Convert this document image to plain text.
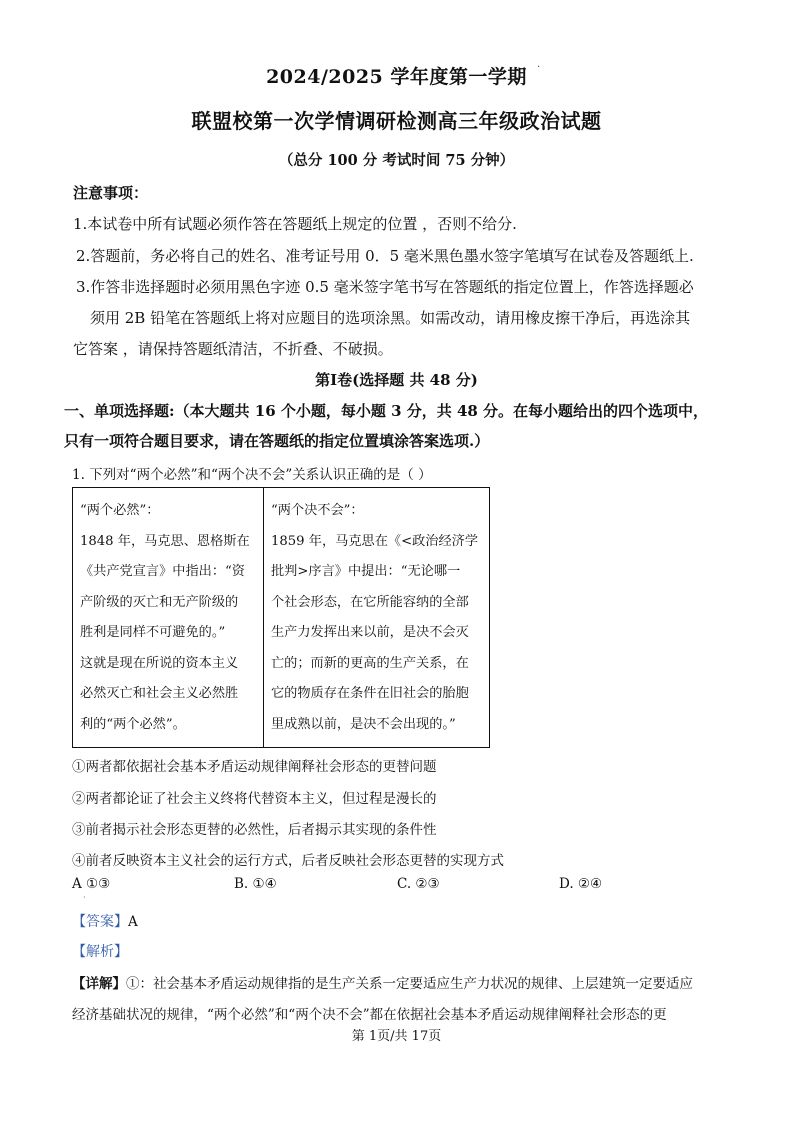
2024/2025 学年度第一学期	·
联盟校第一次学情调研检测高三年级政治试题
（总分 100 分 考试时间 75 分钟）
注意事项：
1.本试卷中所有试题必须作答在答题纸上规定的位置 ，否则不给分.
2.答题前，务必将自己的姓名、准考证号用 0．5 毫米黑色墨水签字笔填写在试卷及答题纸上.
3.作答非选择题时必须用黑色字迹 0.5 毫米签字笔书写在答题纸的指定位置上，作答选择题必
须用 2B 铅笔在答题纸上将对应题目的选项涂黑。如需改动，请用橡皮擦干净后，再选涂其
它答案 ，请保持答题纸清洁，不折叠、不破损。
第Ⅰ卷(选择题 共 48 分)
一、单项选择题:（本大题共 16 个小题，每小题 3 分，共 48 分。在每小题给出的四个选项中，
只有一项符合题目要求，请在答题纸的指定位置填涂答案选项.）
1. 下列对“两个必然”和“两个决不会”关系认识正确的是（ ）
“两个必然”：
1848 年，马克思、恩格斯在
《共产党宣言》中指出：“资
产阶级的灭亡和无产阶级的
胜利是同样不可避免的。”
这就是现在所说的资本主义
必然灭亡和社会主义必然胜
利的“两个必然”。

“两个决不会”：
1859 年，马克思在《<政治经济学
批判>序言》中提出：“无论哪一
个社会形态，在它所能容纳的全部
生产力发挥出来以前，是决不会灭
亡的；而新的更高的生产关系，在
它的物质存在条件在旧社会的胎胞
里成熟以前，是决不会出现的。”
①两者都依据社会基本矛盾运动规律阐释社会形态的更替问题
②两者都论证了社会主义终将代替资本主义，但过程是漫长的
③前者揭示社会形态更替的必然性，后者揭示其实现的条件性
④前者反映资本主义社会的运行方式，后者反映社会形态更替的实现方式
A ①③	B. ①④	C. ②③	D. ②④
·
【答案】A
【解析】
【详解】①：社会基本矛盾运动规律指的是生产关系一定要适应生产力状况的规律、上层建筑一定要适应
经济基础状况的规律，“两个必然”和“两个决不会”都在依据社会基本矛盾运动规律阐释社会形态的更
第 1页/共 17页
